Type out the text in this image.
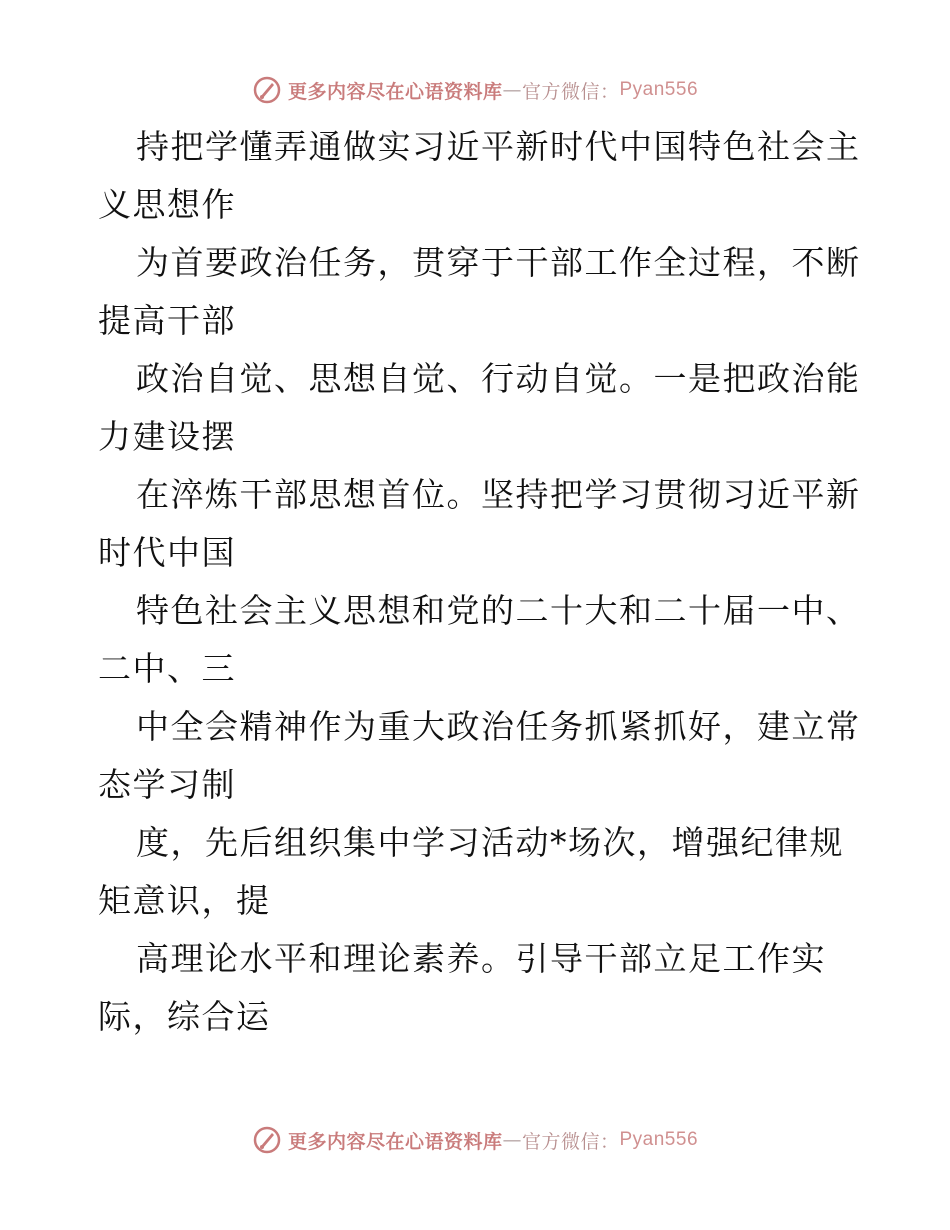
更多内容尽在心语资料库 — 官方微信： Pyan556
持把学懂弄通做实习近平新时代中国特色社会主
义思想作
为首要政治任务，贯穿于干部工作全过程，不断
提高干部
政治自觉、思想自觉、行动自觉。一是把政治能
力建设摆
在淬炼干部思想首位。坚持把学习贯彻习近平新
时代中国
特色社会主义思想和党的二十大和二十届一中、
二中、三
中全会精神作为重大政治任务抓紧抓好，建立常
态学习制
度，先后组织集中学习活动*场次，增强纪律规
矩意识，提
高理论水平和理论素养。引导干部立足工作实
际，综合运
更多内容尽在心语资料库 — 官方微信： Pyan556
